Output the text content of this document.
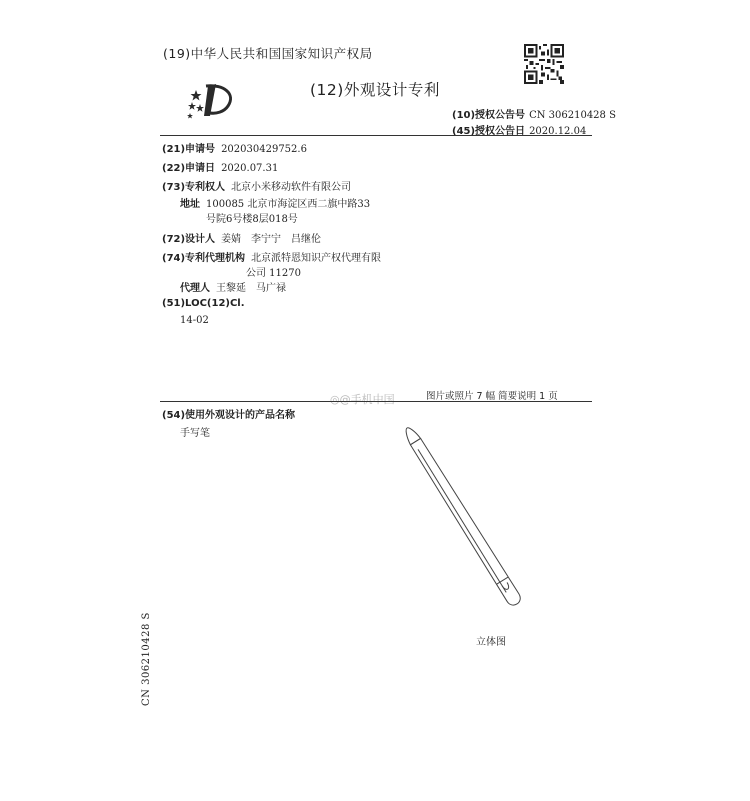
(19)中华人民共和国国家知识产权局
(12)外观设计专利
(10)授权公告号 CN 306210428 S
(45)授权公告日 2020.12.04
(21)申请号 202030429752.6
(22)申请日 2020.07.31
(73)专利权人 北京小米移动软件有限公司
地址 100085 北京市海淀区西二旗中路33
号院6号楼8层018号
(72)设计人 姜婧　李宁宁　吕继伦
(74)专利代理机构 北京派特恩知识产权代理有限
公司 11270
代理人 王黎延　马广禄
(51)LOC(12)Cl.
14-02
图片或照片 7 幅 简要说明 1 页
◎@手机中国
(54)使用外观设计的产品名称
手写笔
立体图
CN 306210428 S
